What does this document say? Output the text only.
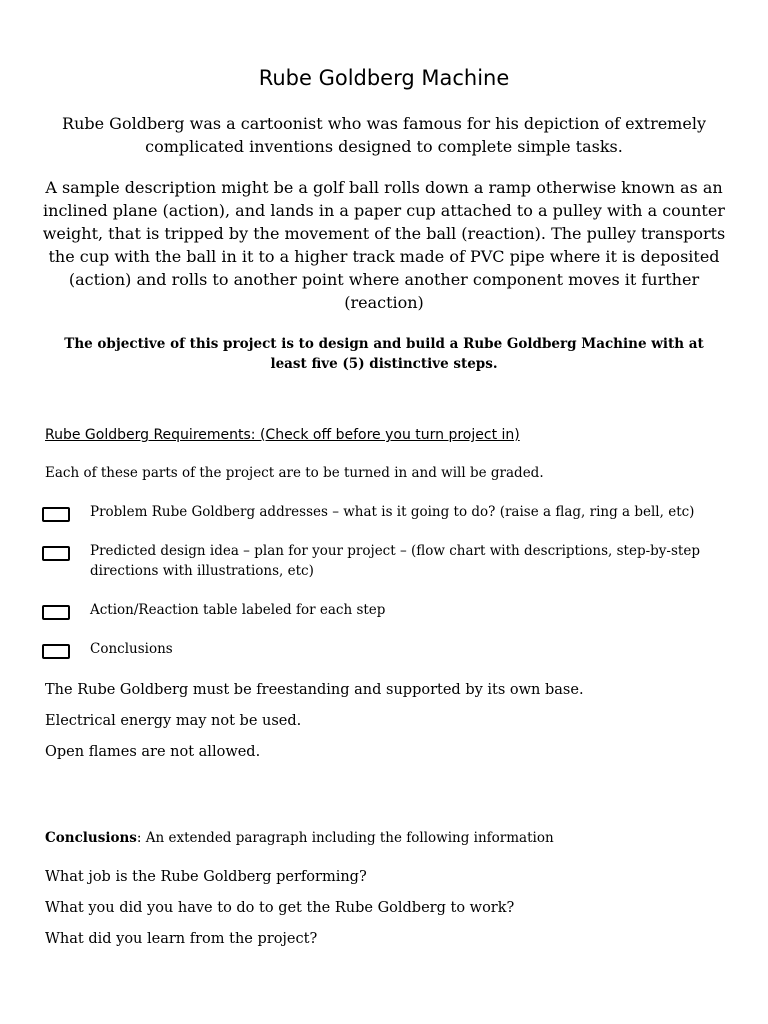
Rube Goldberg Machine

Rube Goldberg was a cartoonist who was famous for his depiction of extremely complicated inventions designed to complete simple tasks.

A sample description might be a golf ball rolls down a ramp otherwise known as an inclined plane (action), and lands in a paper cup attached to a pulley with a counter weight, that is tripped by the movement of the ball (reaction). The pulley transports the cup with the ball in it to a higher track made of PVC pipe where it is deposited (action) and rolls to another point where another component moves it further (reaction)

The objective of this project is to design and build a Rube Goldberg Machine with at least five (5) distinctive steps.

Rube Goldberg Requirements: (Check off before you turn project in)

Each of these parts of the project are to be turned in and will be graded.

Problem Rube Goldberg addresses – what is it going to do? (raise a flag, ring a bell, etc)

Predicted design idea – plan for your project – (flow chart with descriptions, step-by-step directions with illustrations, etc)

Action/Reaction table labeled for each step

Conclusions

The Rube Goldberg must be freestanding and supported by its own base.

Electrical energy may not be used.

Open flames are not allowed.

Conclusions: An extended paragraph including the following information

What job is the Rube Goldberg performing?

What you did you have to do to get the Rube Goldberg to work?

What did you learn from the project?
